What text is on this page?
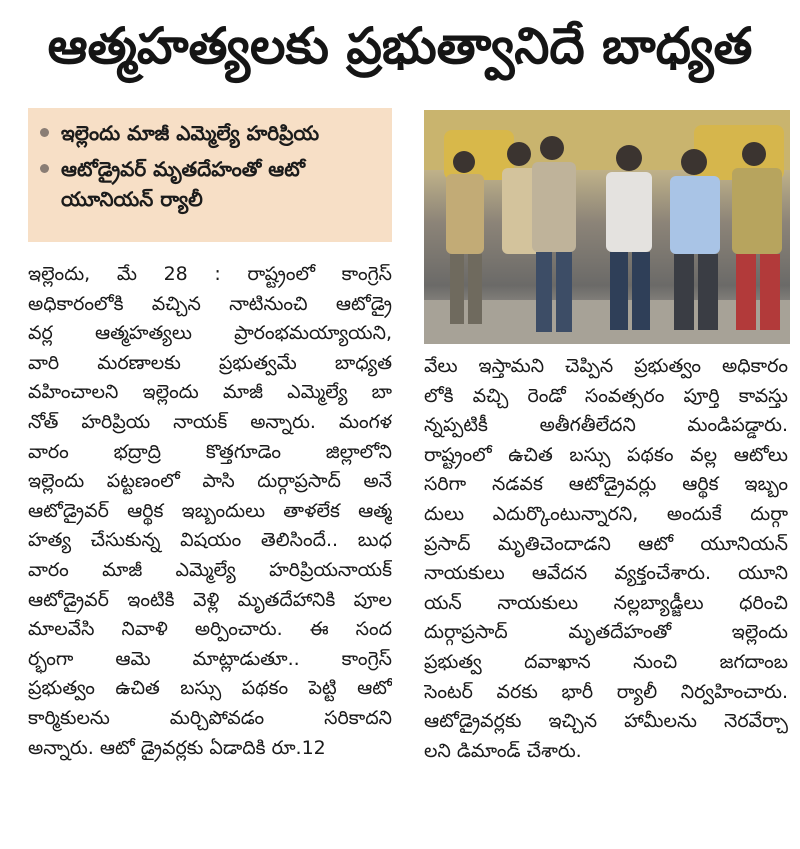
ఆత్మహత్యలకు ప్రభుత్వానిదే బాధ్యత
ఇల్లెందు మాజీ ఎమ్మెల్యే హరిప్రియ
ఆటోడ్రైవర్ మృతదేహంతో ఆటో యూనియన్ ర్యాలీ
ఇల్లెందు, మే 28 : రాష్ట్రంలో కాంగ్రెస్
అధికారంలోకి వచ్చిన నాటినుంచి ఆటోడ్రై
వర్ల ఆత్మహత్యలు ప్రారంభమయ్యాయని,
వారి మరణాలకు ప్రభుత్వమే బాధ్యత
వహించాలని ఇల్లెందు మాజీ ఎమ్మెల్యే బా
నోత్ హరిప్రియ నాయక్ అన్నారు. మంగళ
వారం భద్రాద్రి కొత్తగూడెం జిల్లాలోని
ఇల్లెందు పట్టణంలో పాసి దుర్గాప్రసాద్ అనే
ఆటోడ్రైవర్ ఆర్థిక ఇబ్బందులు తాళలేక ఆత్మ
హత్య చేసుకున్న విషయం తెలిసిందే.. బుధ
వారం మాజీ ఎమ్మెల్యే హరిప్రియనాయక్
ఆటోడ్రైవర్ ఇంటికి వెళ్లి మృతదేహానికి పూల
మాలవేసి నివాళి అర్పించారు. ఈ సంద
ర్భంగా ఆమె మాట్లాడుతూ.. కాంగ్రెస్
ప్రభుత్వం ఉచిత బస్సు పథకం పెట్టి ఆటో
కార్మికులను మర్చిపోవడం సరికాదని
అన్నారు. ఆటో డ్రైవర్లకు ఏడాదికి రూ.12
వేలు ఇస్తామని చెప్పిన ప్రభుత్వం అధికారం
లోకి వచ్చి రెండో సంవత్సరం పూర్తి కావస్తు
న్నప్పటికీ అతీగతీలేదని మండిపడ్డారు.
రాష్ట్రంలో ఉచిత బస్సు పథకం వల్ల ఆటోలు
సరిగా నడవక ఆటోడ్రైవర్లు ఆర్థిక ఇబ్బం
దులు ఎదుర్కొంటున్నారని, అందుకే దుర్గా
ప్రసాద్ మృతిచెందాడని ఆటో యూనియన్
నాయకులు ఆవేదన వ్యక్తంచేశారు. యూని
యన్ నాయకులు నల్లబ్యాడ్జీలు ధరించి
దుర్గాప్రసాద్ మృతదేహంతో ఇల్లెందు
ప్రభుత్వ దవాఖాన నుంచి జగదాంబ
సెంటర్ వరకు భారీ ర్యాలీ నిర్వహించారు.
ఆటోడ్రైవర్లకు ఇచ్చిన హామీలను నెరవేర్చా
లని డిమాండ్ చేశారు.
